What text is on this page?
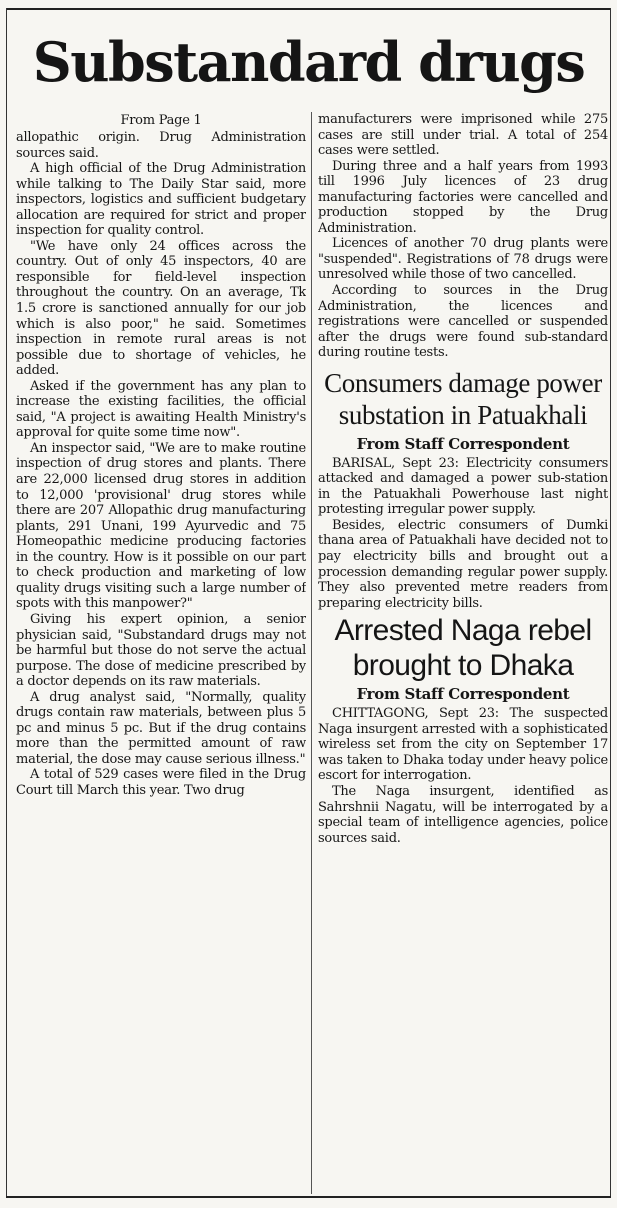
Substandard drugs
From Page 1

allopathic origin. Drug Administration sources said.

A high official of the Drug Administration while talking to The Daily Star said, more inspectors, logistics and sufficient budgetary allocation are required for strict and proper inspection for quality control.

"We have only 24 offices across the country. Out of only 45 inspectors, 40 are responsible for field-level inspection throughout the country. On an average, Tk 1.5 crore is sanctioned annually for our job which is also poor," he said. Sometimes inspection in remote rural areas is not possible due to shortage of vehicles, he added.

Asked if the government has any plan to increase the existing facilities, the official said, "A project is awaiting Health Ministry's approval for quite some time now".

An inspector said, "We are to make routine inspection of drug stores and plants. There are 22,000 licensed drug stores in addition to 12,000 'provisional' drug stores while there are 207 Allopathic drug manufacturing plants, 291 Unani, 199 Ayurvedic and 75 Homeopathic medicine producing factories in the country. How is it possible on our part to check production and marketing of low quality drugs visiting such a large number of spots with this manpower?"

Giving his expert opinion, a senior physician said, "Substandard drugs may not be harmful but those do not serve the actual purpose. The dose of medicine prescribed by a doctor depends on its raw materials.

A drug analyst said, "Normally, quality drugs contain raw materials, between plus 5 pc and minus 5 pc. But if the drug contains more than the permitted amount of raw material, the dose may cause serious illness."

A total of 529 cases were filed in the Drug Court till March this year. Two drug

manufacturers were imprisoned while 275 cases are still under trial. A total of 254 cases were settled.

During three and a half years from 1993 till 1996 July licences of 23 drug manufacturing factories were cancelled and production stopped by the Drug Administration.

Licences of another 70 drug plants were "suspended". Registrations of 78 drugs were unresolved while those of two cancelled.

According to sources in the Drug Administration, the licences and registrations were cancelled or suspended after the drugs were found sub-standard during routine tests.

Consumers damage power substation in Patuakhali
From Staff Correspondent

BARISAL, Sept 23: Electricity consumers attacked and damaged a power sub-station in the Patuakhali Powerhouse last night protesting irregular power supply.

Besides, electric consumers of Dumki thana area of Patuakhali have decided not to pay electricity bills and brought out a procession demanding regular power supply. They also prevented metre readers from preparing electricity bills.

Arrested Naga rebel brought to Dhaka
From Staff Correspondent

CHITTAGONG, Sept 23: The suspected Naga insurgent arrested with a sophisticated wireless set from the city on September 17 was taken to Dhaka today under heavy police escort for interrogation.

The Naga insurgent, identified as Sahrshnii Nagatu, will be interrogated by a special team of intelligence agencies, police sources said.
